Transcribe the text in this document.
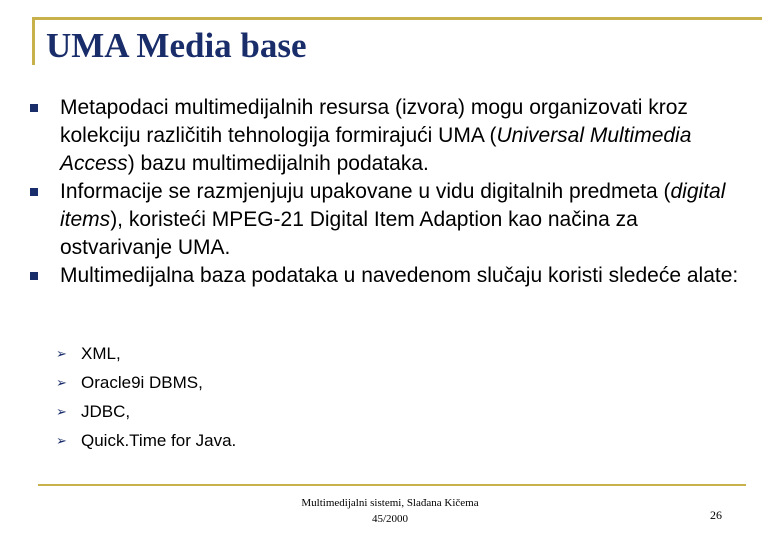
UMA Media base
Metapodaci multimedijalnih resursa (izvora) mogu organizovati kroz kolekciju različitih tehnologija formirajući UMA (Universal Multimedia Access) bazu multimedijalnih podataka.
Informacije se razmjenjuju upakovane u vidu digitalnih predmeta (digital items), koristeći MPEG-21 Digital Item Adaption kao načina za ostvarivanje UMA.
Multimedijalna baza podataka u navedenom slučaju koristi sledeće alate:
➢ XML,
➢ Oracle9i DBMS,
➢ JDBC,
➢ Quick.Time for Java.
Multimedijalni sistemi, Slađana Kičema
45/2000	26
